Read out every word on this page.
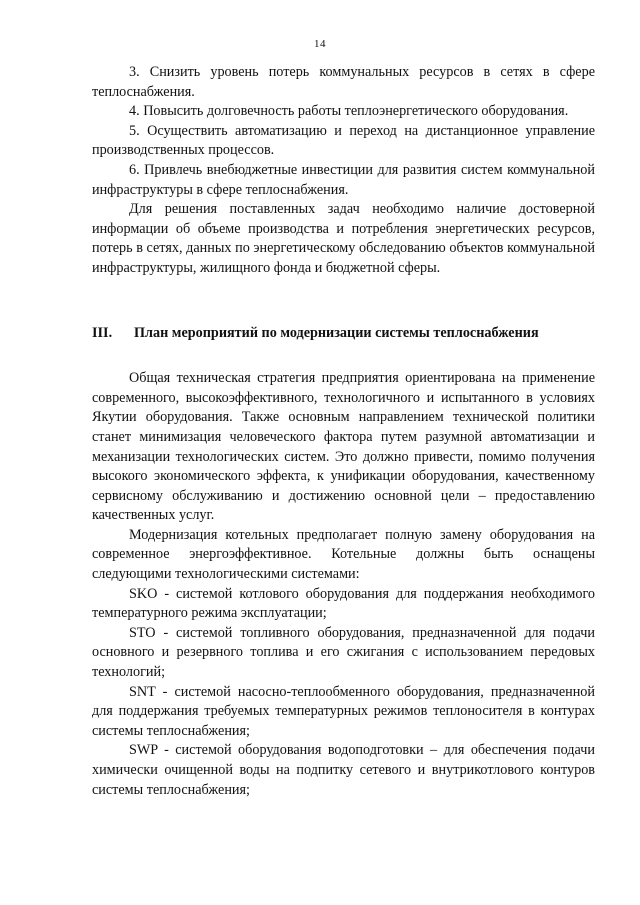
14

3. Снизить уровень потерь коммунальных ресурсов в сетях в сфере теплоснабжения.

4. Повысить долговечность работы теплоэнергетического оборудования.

5. Осуществить автоматизацию и переход на дистанционное управление производственных процессов.

6. Привлечь внебюджетные инвестиции для развития систем коммунальной инфраструктуры в сфере теплоснабжения.

Для решения поставленных задач необходимо наличие достоверной информации об объеме производства и потребления энергетических ресурсов, потерь в сетях, данных по энергетическому обследованию объектов коммунальной инфраструктуры, жилищного фонда и бюджетной сферы.

III.	План мероприятий по модернизации системы теплоснабжения

Общая техническая стратегия предприятия ориентирована на применение современного, высокоэффективного, технологичного и испытанного в условиях Якутии оборудования. Также основным направлением технической политики станет минимизация человеческого фактора путем разумной автоматизации и механизации технологических систем. Это должно привести, помимо получения высокого экономического эффекта, к унификации оборудования, качественному сервисному обслуживанию и достижению основной цели – предоставлению качественных услуг.

Модернизация котельных предполагает полную замену оборудования на современное энергоэффективное. Котельные должны быть оснащены следующими технологическими системами:

SKO - системой котлового оборудования для поддержания необходимого температурного режима эксплуатации;

STO - системой топливного оборудования, предназначенной для подачи основного и резервного топлива и его сжигания с использованием передовых технологий;

SNT - системой насосно-теплообменного оборудования, предназначенной для поддержания требуемых температурных режимов теплоносителя в контурах системы теплоснабжения;

SWP - системой оборудования водоподготовки – для обеспечения подачи химически очищенной воды на подпитку сетевого и внутрикотлового контуров системы теплоснабжения;
